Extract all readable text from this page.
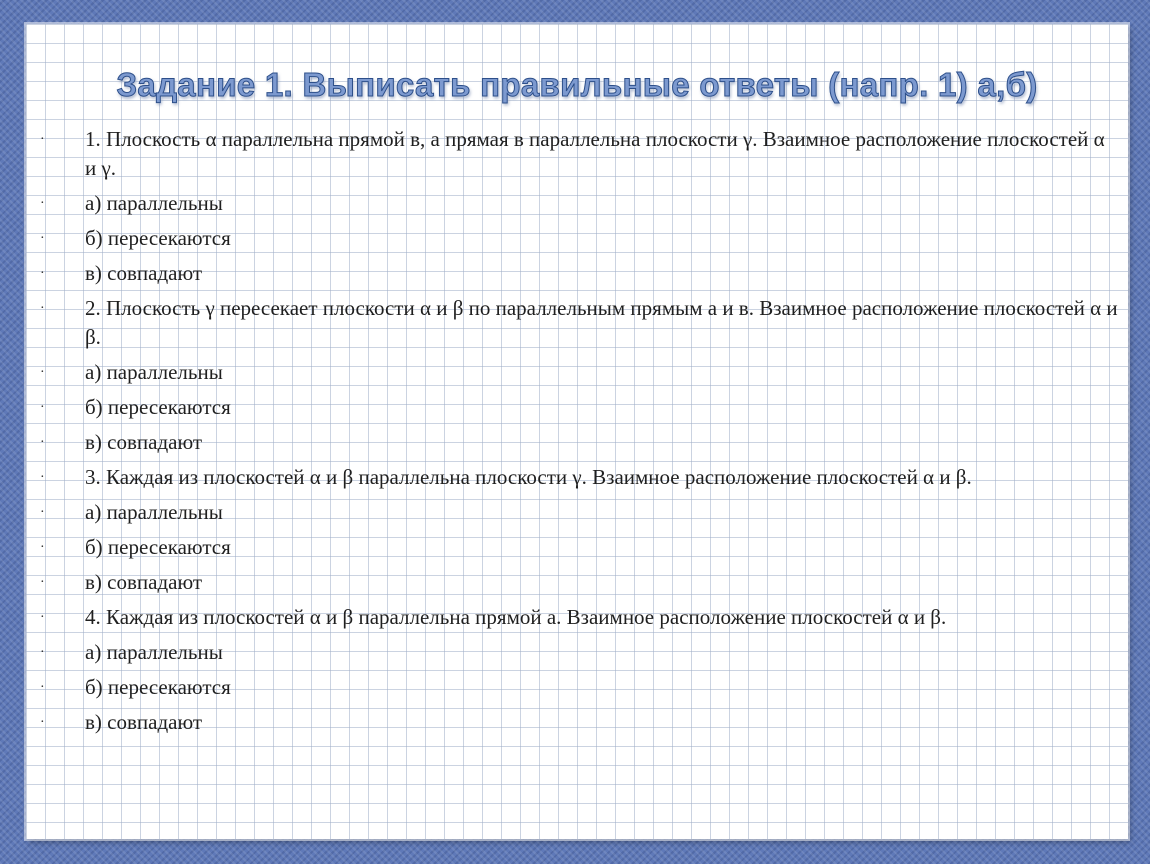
Задание 1. Выписать правильные ответы (напр. 1) а,б)
·	1. Плоскость α параллельна прямой в, а прямая в параллельна плоскости γ. Взаимное расположение плоскостей α и γ.
·	а) параллельны
·	б) пересекаются
·	в) совпадают
·	2. Плоскость γ пересекает плоскости α и β по параллельным прямым а и в. Взаимное расположение плоскостей α и β.
·	а) параллельны
·	б) пересекаются
·	в) совпадают
·	3. Каждая из плоскостей α и β параллельна плоскости γ. Взаимное расположение плоскостей α и β.
·	а) параллельны
·	б) пересекаются
·	в) совпадают
·	4. Каждая из плоскостей α и β параллельна прямой а. Взаимное расположение плоскостей α и β.
·	а) параллельны
·	б) пересекаются
·	в) совпадают
